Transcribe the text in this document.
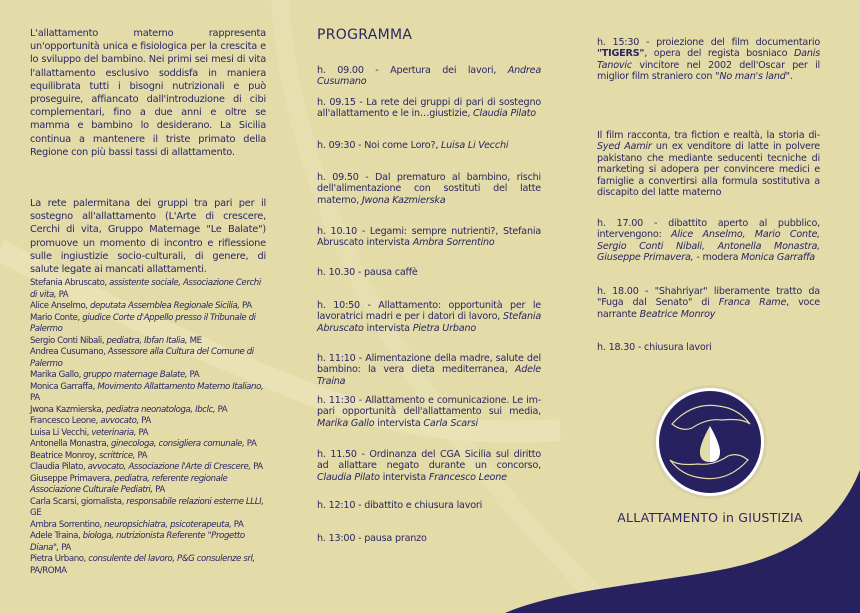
L'allattamento materno rappresenta un'opportunità unica e fisiologica per la crescita e lo sviluppo del bambino. Nei primi sei mesi di vita l'allattamento esclusivo soddisfa in maniera equilibrata tutti i bisogni nutrizionali e può proseguire, affiancato dall'introduzione di cibi complementari, fino a due anni e oltre se mamma e bambino lo desiderano. La Sicilia continua a mantenere il triste primato della Regione con più bassi tassi di allattamento.
La rete palermitana dei gruppi tra pari per il sostegno all'allattamento (L'Arte di crescere, Cerchi di vita, Gruppo Maternage "Le Balate") promuove un momento di incontro e riflessione sulle ingiustizie socio-culturali, di genere, di salute legate ai mancati allattamenti.
Stefania Abruscato, assistente sociale, Associazione Cerchi di vita, PA
Alice Anselmo, deputata Assemblea Regionale Sicilia, PA
Mario Conte, giudice Corte d'Appello presso il Tribunale di Palermo
Sergio Conti Nibali, pediatra, Ibfan Italia, ME
Andrea Cusumano, Assessore alla Cultura del Comune di Palermo
Marika Gallo, gruppo maternage Balate, PA
Monica Garraffa, Movimento Allattamento Materno Italiano, PA
Jwona Kazmierska, pediatra neonatologa, Ibclc, PA
Francesco Leone, avvocato, PA
Luisa Li Vecchi, veterinaria, PA
Antonella Monastra, ginecologa, consigliera comunale, PA
Beatrice Monroy, scrittrice, PA
Claudia Pilato, avvocato, Associazione l'Arte di Crescere, PA
Giuseppe Primavera, pediatra, referente regionale Associazione Culturale Pediatri, PA
Carla Scarsi, giornalista, responsabile relazioni esterne LLLI, GE
Ambra Sorrentino, neuropsichiatra, psicoterapeuta, PA
Adele Traina, biologa, nutrizionista Referente "Progetto Diana", PA
Pietra Urbano, consulente del lavoro, P&G consulenze srl, PA/ROMA
PROGRAMMA
h. 09.00 - Apertura dei lavori, Andrea Cusumano
h. 09.15 - La rete dei gruppi di pari di sostegno all'allattamento e le in…giustizie, Claudia Pilato
h. 09:30 - Noi come Loro?, Luisa Li Vecchi
h. 09.50 - Dal prematuro al bambino, rischi dell'alimentazione con sostituti del latte materno, Jwona Kazmierska
h. 10.10 - Legami: sempre nutrienti?, Stefania Abruscato intervista Ambra Sorrentino
h. 10.30 - pausa caffè
h. 10:50 - Allattamento: opportunità per le lavoratrici madri e per i datori di lavoro, Stefania Abruscato intervista Pietra Urbano
h. 11:10 - Alimentazione della madre, salute del bambino: la vera dieta mediterranea, Adele Traina
h. 11:30 - Allattamento e comunicazione. Le im-pari opportunità dell'allattamento sui media, Marika Gallo intervista Carla Scarsi
h. 11.50 - Ordinanza del CGA Sicilia sul diritto ad allattare negato durante un concorso, Claudia Pilato intervista Francesco Leone
h. 12:10 - dibattito e chiusura lavori
h. 13:00 - pausa pranzo
h. 15:30 - proiezione del film documentario "TIGERS", opera del regista bosniaco Danis Tanovic vincitore nel 2002 dell'Oscar per il miglior film straniero con "No man's land".
Il film racconta, tra fiction e realtà, la storia di- Syed Aamir un ex venditore di latte in polvere pakistano che mediante seducenti tecniche di marketing si adopera per convincere medici e famiglie a convertirsi alla formula sostitutiva a discapito del latte materno
h. 17.00 - dibattito aperto al pubblico, intervengono: Alice Anselmo, Mario Conte, Sergio Conti Nibali, Antonella Monastra, Giuseppe Primavera, - modera Monica Garraffa
h. 18.00 - "Shahriyar" liberamente tratto da "Fuga dal Senato" di Franca Rame, voce narrante Beatrice Monroy
h. 18.30 - chiusura lavori
ALLATTAMENTO in GIUSTIZIA
